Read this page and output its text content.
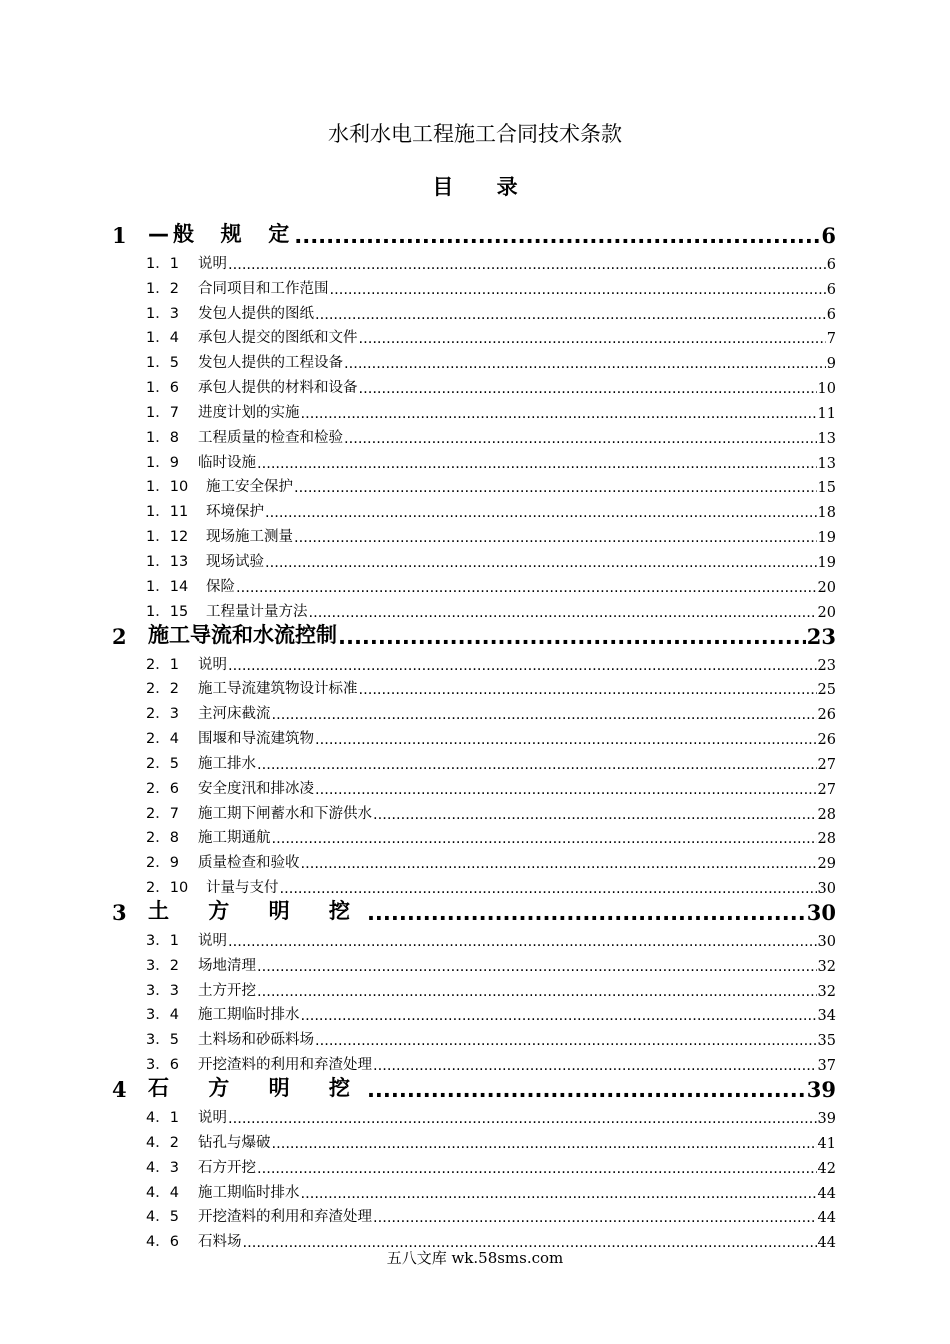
水利水电工程施工合同技术条款
目 录
1	—般  规  定 .....	6
1．1	说明 .....	6
1．2	合同项目和工作范围 .....	6
1．3	发包人提供的图纸 .....	6
1．4	承包人提交的图纸和文件 .....	7
1．5	发包人提供的工程设备 .....	9
1．6	承包人提供的材料和设备 .....	10
1．7	进度计划的实施 .....	11
1．8	工程质量的检查和检验 .....	13
1．9	临时设施 .....	13
1．10	施工安全保护 .....	15
1．11	环境保护 .....	18
1．12	现场施工测量 .....	19
1．13	现场试验 .....	19
1．14	保险 .....	20
1．15	工程量计量方法 .....	20
2	施工导流和水流控制 .....	23
2．1	说明 .....	23
2．2	施工导流建筑物设计标准 .....	25
2．3	主河床截流 .....	26
2．4	围堰和导流建筑物 .....	26
2．5	施工排水 .....	27
2．6	安全度汛和排冰凌 .....	27
2．7	施工期下闸蓄水和下游供水 .....	28
2．8	施工期通航 .....	28
2．9	质量检查和验收 .....	29
2．10	计量与支付 .....	30
3	土 方 明 挖 .....	30
3．1	说明 .....	30
3．2	场地清理 .....	32
3．3	土方开挖 .....	32
3．4	施工期临时排水 .....	34
3．5	土料场和砂砾料场 .....	35
3．6	开挖渣料的利用和弃渣处理 .....	37
4	石 方 明 挖 .....	39
4．1	说明 .....	39
4．2	钻孔与爆破 .....	41
4．3	石方开挖 .....	42
4．4	施工期临时排水 .....	44
4．5	开挖渣料的利用和弃渣处理 .....	44
4．6	石料场 .....	44
五八文库 wk.58sms.com
